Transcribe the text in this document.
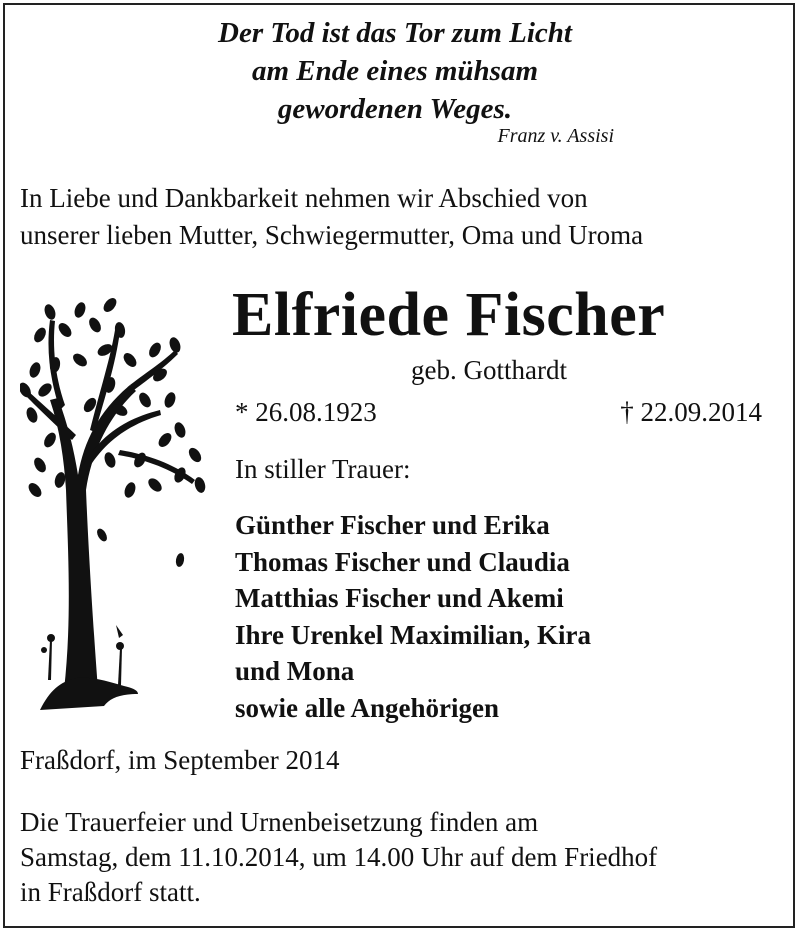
Der Tod ist das Tor zum Licht
am Ende eines mühsam
gewordenen Weges.
Franz v. Assisi
In Liebe und Dankbarkeit nehmen wir Abschied von
unserer lieben Mutter, Schwiegermutter, Oma und Uroma
Elfriede Fischer
geb. Gotthardt
* 26.08.1923	† 22.09.2014
In stiller Trauer:
Günther Fischer und Erika
Thomas Fischer und Claudia
Matthias Fischer und Akemi
Ihre Urenkel Maximilian, Kira
und Mona
sowie alle Angehörigen
Fraßdorf, im September 2014
Die Trauerfeier und Urnenbeisetzung finden am
Samstag, dem 11.10.2014, um 14.00 Uhr auf dem Friedhof
in Fraßdorf statt.
